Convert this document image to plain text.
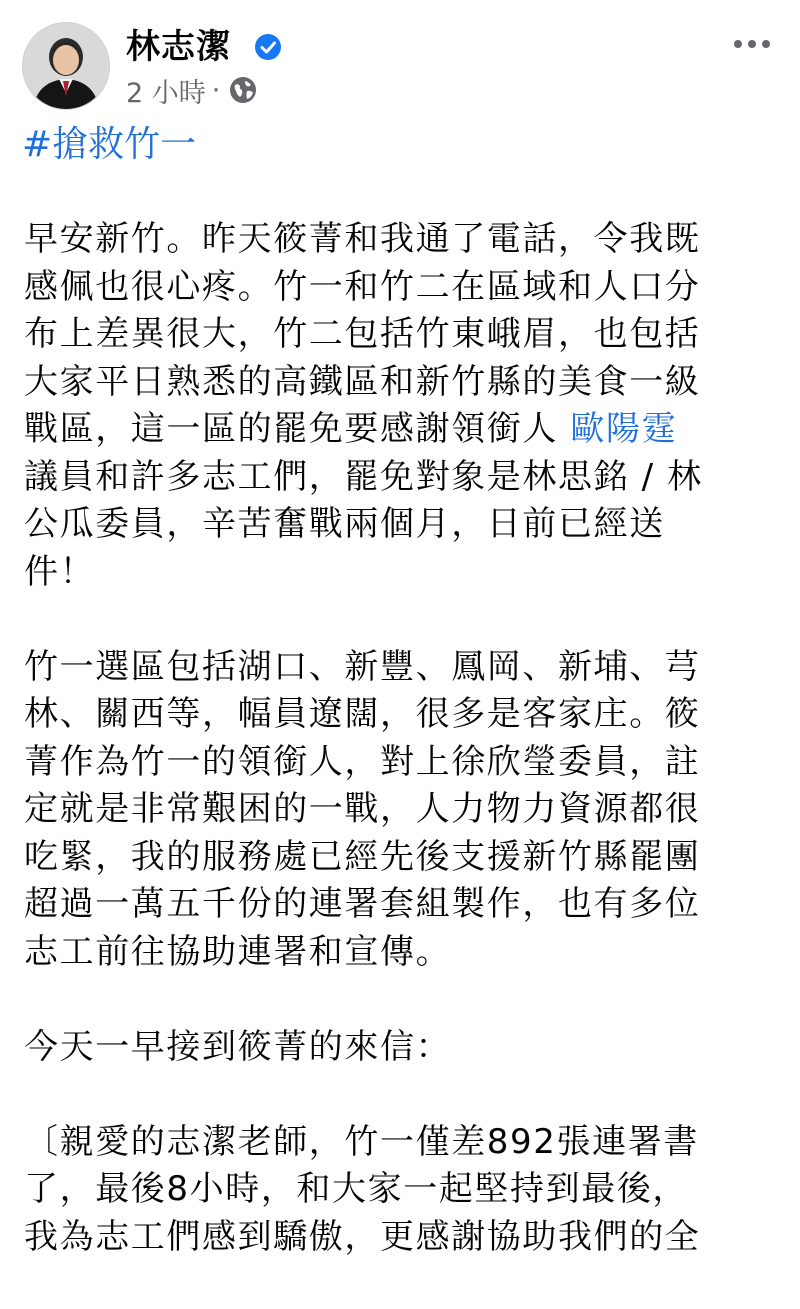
林志潔
2 小時 ·
#搶救竹一
早安新竹。昨天筱菁和我通了電話，令我既
感佩也很心疼。竹一和竹二在區域和人口分
布上差異很大，竹二包括竹東峨眉，也包括
大家平日熟悉的高鐵區和新竹縣的美食一級
戰區，這一區的罷免要感謝領銜人 歐陽霆
議員和許多志工們，罷免對象是林思銘 / 林
公瓜委員，辛苦奮戰兩個月，日前已經送
件！
竹一選區包括湖口、新豐、鳳岡、新埔、芎
林、關西等，幅員遼闊，很多是客家庄。筱
菁作為竹一的領銜人，對上徐欣瑩委員，註
定就是非常艱困的一戰，人力物力資源都很
吃緊，我的服務處已經先後支援新竹縣罷團
超過一萬五千份的連署套組製作，也有多位
志工前往協助連署和宣傳。
今天一早接到筱菁的來信：
〔親愛的志潔老師，竹一僅差892張連署書
了，最後8小時，和大家一起堅持到最後，
我為志工們感到驕傲，更感謝協助我們的全
